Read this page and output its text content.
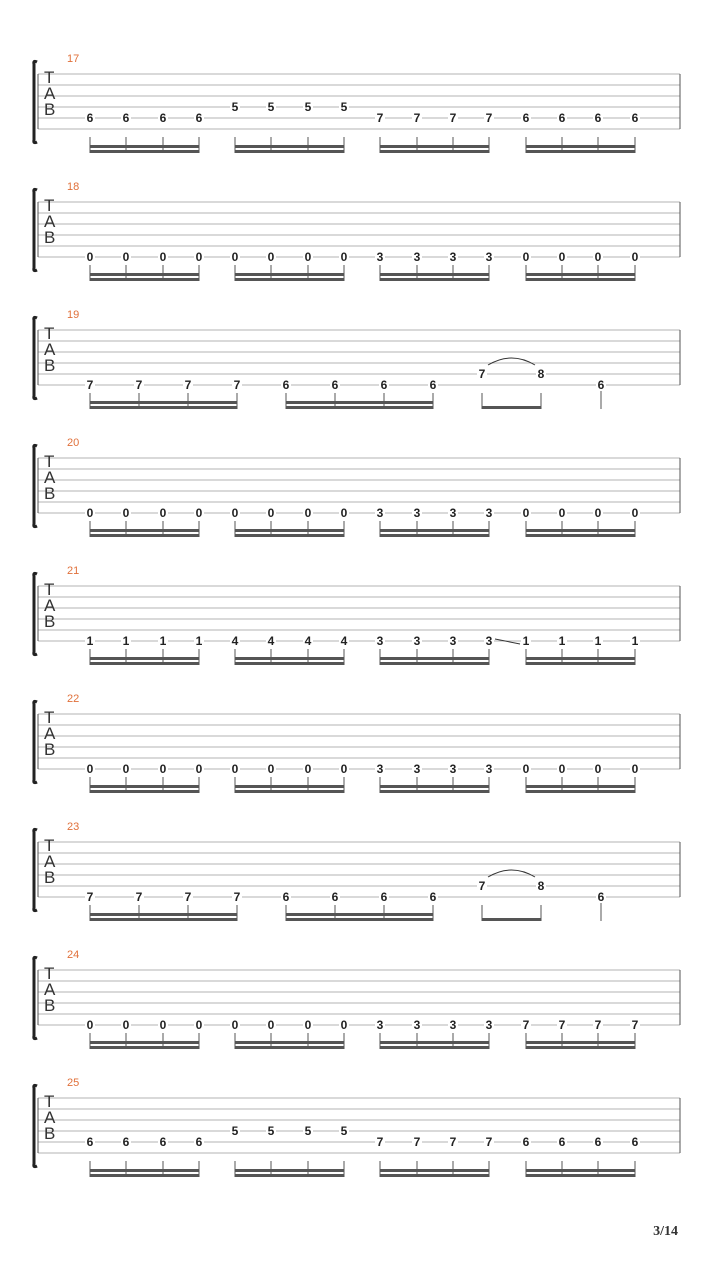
17
T
A
B	6 6	6 6
5 5	5 5
7	7 7 7	6 6 6	6
18
T
A
B
0 0	0 0 0 0	0 0 3	3 3 3	0 0 0	0
19
T
A
B
7	7	7	7	6	6	6	6
7	8
6
20
T
A
B
0 0	0 0 0 0	0 0 3	3 3 3	0 0 0	0
21
T
A
B
1 1	1 1 4 4	4 4 3	3 3 3	1 1 1	1
22
T
A
B
0 0	0 0 0 0	0 0 3	3 3 3	0 0 0	0
23
T
A
B
7	7	7	7	6	6	6	6
7	8
6
24
T
A
B
0 0	0 0 0 0	0 0 3	3 3 3	7 7 7	7
25
T
A
B	6 6	6 6
5 5	5 5
7	7 7 7	6 6 6	6
3/14
